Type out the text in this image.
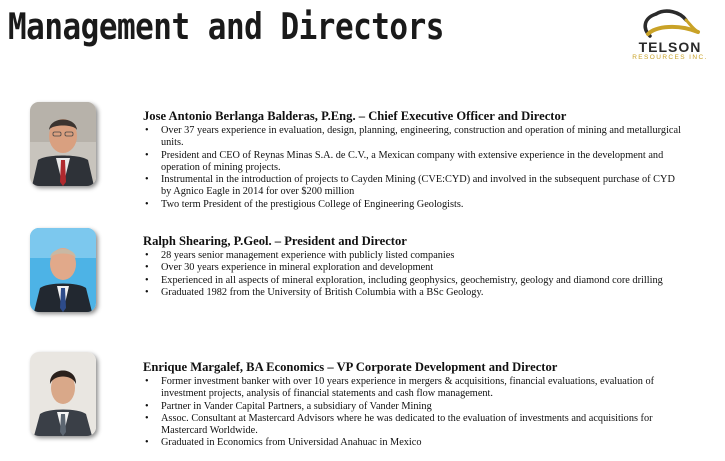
Management and Directors	TELSON
RESOURCES INC.
Jose Antonio Berlanga Balderas, P.Eng. – Chief Executive Officer and Director
• Over 37 years experience in evaluation, design, planning, engineering, construction and operation of mining and metallurgical units.
• President and CEO of Reynas Minas S.A. de C.V., a Mexican company with extensive experience in the development and operation of mining projects.
• Instrumental in the introduction of projects to Cayden Mining (CVE:CYD) and involved in the subsequent purchase of CYD by Agnico Eagle in 2014 for over $200 million
• Two term President of the prestigious College of Engineering Geologists.
Ralph Shearing, P.Geol. – President and Director
• 28 years senior management experience with publicly listed companies
• Over 30 years experience in mineral exploration and development
• Experienced in all aspects of mineral exploration, including geophysics, geochemistry, geology and diamond core drilling
• Graduated 1982 from the University of British Columbia with a BSc Geology.
Enrique Margalef, BA Economics – VP Corporate Development and Director
• Former investment banker with over 10 years experience in mergers & acquisitions, financial evaluations, evaluation of investment projects, analysis of financial statements and cash flow management.
• Partner in Vander Capital Partners, a subsidiary of Vander Mining
• Assoc. Consultant at Mastercard Advisors where he was dedicated to the evaluation of investments and acquisitions for Mastercard Worldwide.
• Graduated in Economics from Universidad Anahuac in Mexico
